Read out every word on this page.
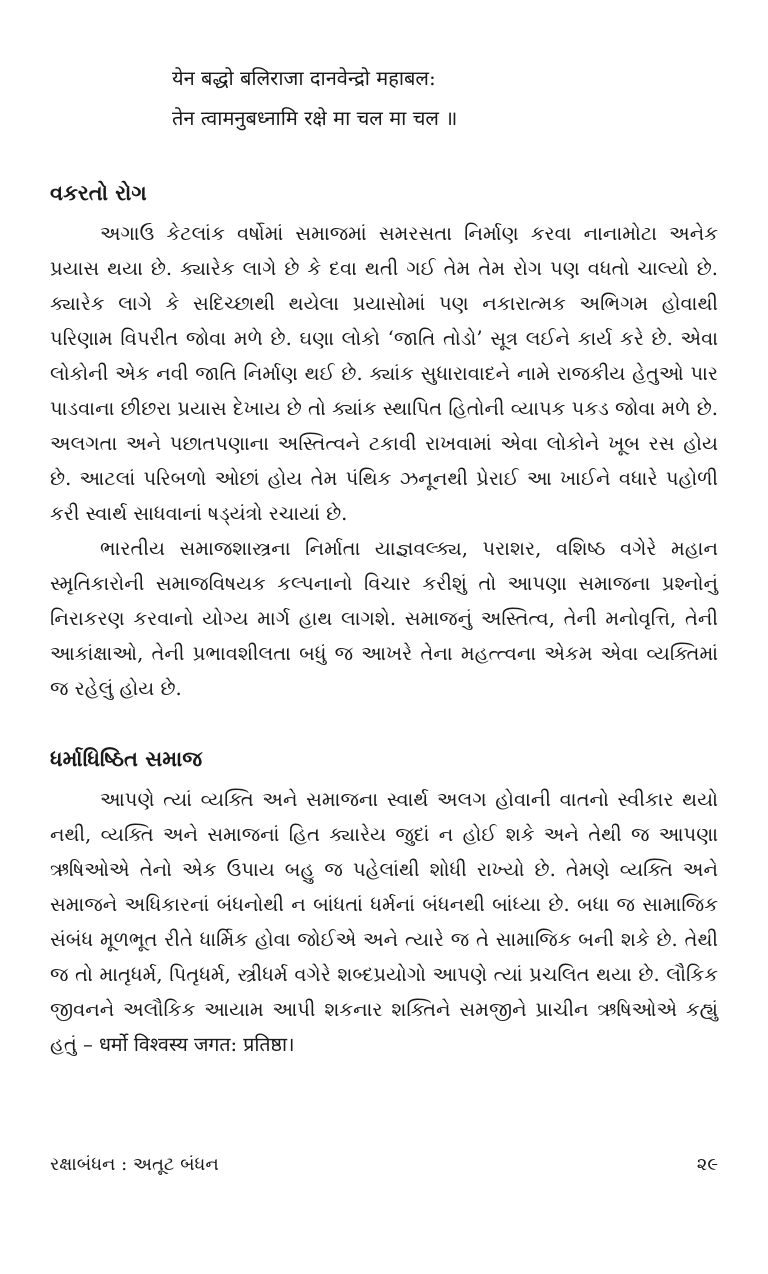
येन बद्धो बलिराजा दानवेन्द्रो महाबल:
तेन त्वामनुबध्नामि रक्षे मा चल मा चल ॥
વકરતો રોગ

અગાઉ કેટલાંક વર્ષોમાં સમાજમાં સમરસતા નિર્માણ કરવા નાનામોટા અનેક પ્રયાસ થયા છે. ક્યારેક લાગે છે કે દવા થતી ગઈ તેમ તેમ રોગ પણ વધતો ચાલ્યો છે. ક્યારેક લાગે કે સદિચ્છાથી થયેલા પ્રયાસોમાં પણ નકારાત્મક અભિગમ હોવાથી પરિણામ વિપરીત જોવા મળે છે. ઘણા લોકો ‘જાતિ તોડો’ સૂત્ર લઈને કાર્ય કરે છે. એવા લોકોની એક નવી જાતિ નિર્માણ થઈ છે. ક્યાંક સુધારાવાદને નામે રાજકીય હેતુઓ પાર પાડવાના છીછરા પ્રયાસ દેખાય છે તો ક્યાંક સ્થાપિત હિતોની વ્યાપક પકડ જોવા મળે છે. અલગતા અને પછાતપણાના અસ્તિત્વને ટકાવી રાખવામાં એવા લોકોને ખૂબ રસ હોય છે. આટલાં પરિબળો ઓછાં હોય તેમ પંથિક ઝનૂનથી પ્રેરાઈ આ ખાઈને વધારે પહોળી કરી સ્વાર્થ સાધવાનાં ષડ્‌યંત્રો રચાયાં છે.

ભારતીય સમાજશાસ્ત્રના નિર્માતા યાજ્ઞવલ્ક્ય, પરાશર, વશિષ્ઠ વગેરે મહાન સ્મૃતિકારોની સમાજવિષયક કલ્પનાનો વિચાર કરીશું તો આપણા સમાજના પ્રશ્નોનું નિરાકરણ કરવાનો યોગ્ય માર્ગ હાથ લાગશે. સમાજનું અસ્તિત્વ, તેની મનોવૃત્તિ, તેની આકાંક્ષાઓ, તેની પ્રભાવશીલતા બધું જ આખરે તેના મહત્ત્વના એકમ એવા વ્યક્તિમાં જ રહેલું હોય છે.

ધર્માધિષ્ઠિત સમાજ

આપણે ત્યાં વ્યક્તિ અને સમાજના સ્વાર્થ અલગ હોવાની વાતનો સ્વીકાર થયો નથી, વ્યક્તિ અને સમાજનાં હિત ક્યારેય જુદાં ન હોઈ શકે અને તેથી જ આપણા ઋષિઓએ તેનો એક ઉપાય બહુ જ પહેલાંથી શોધી રાખ્યો છે. તેમણે વ્યક્તિ અને સમાજને અધિકારનાં બંધનોથી ન બાંધતાં ધર્મનાં બંધનથી બાંધ્યા છે. બધા જ સામાજિક સંબંધ મૂળભૂત રીતે ધાર્મિક હોવા જોઈએ અને ત્યારે જ તે સામાજિક બની શકે છે. તેથી જ તો માતૃધર્મ, પિતૃધર્મ, સ્ત્રીધર્મ વગેરે શબ્દપ્રયોગો આપણે ત્યાં પ્રચલિત થયા છે. લૌકિક જીવનને અલૌકિક આયામ આપી શકનાર શક્તિને સમજીને પ્રાચીન ઋષિઓએ કહ્યું હતું – धर्मो विश्वस्य जगत: प्रतिष्ठा।

રક્ષાબંધન : અતૂટ બંધન	૨૯
